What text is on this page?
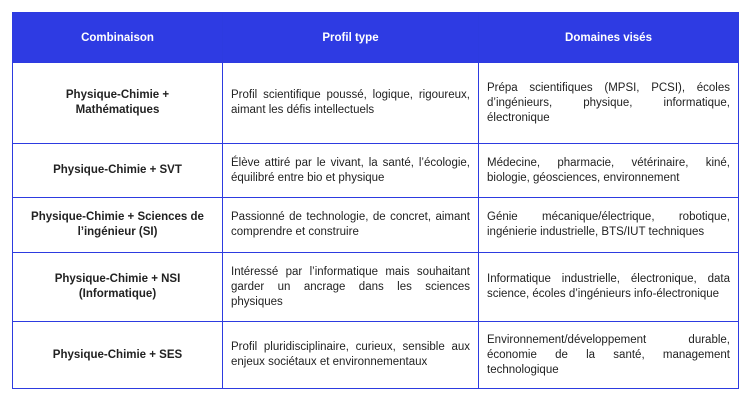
Combinaison	Profil type	Domaines visés
Physique-Chimie + Mathématiques	Profil scientifique poussé, logique, rigoureux, aimant les défis intellectuels	Prépa scientifiques (MPSI, PCSI), écoles d’ingénieurs, physique, informatique, électronique
Physique-Chimie + SVT	Élève attiré par le vivant, la santé, l’écologie, équilibré entre bio et physique	Médecine, pharmacie, vétérinaire, kiné, biologie, géosciences, environnement
Physique-Chimie + Sciences de l’ingénieur (SI)	Passionné de technologie, de concret, aimant comprendre et construire	Génie mécanique/électrique, robotique, ingénierie industrielle, BTS/IUT techniques
Physique-Chimie + NSI (Informatique)	Intéressé par l’informatique mais souhaitant garder un ancrage dans les sciences physiques	Informatique industrielle, électronique, data science, écoles d’ingénieurs info-électronique
Physique-Chimie + SES	Profil pluridisciplinaire, curieux, sensible aux enjeux sociétaux et environnementaux	Environnement/développement durable, économie de la santé, management technologique
